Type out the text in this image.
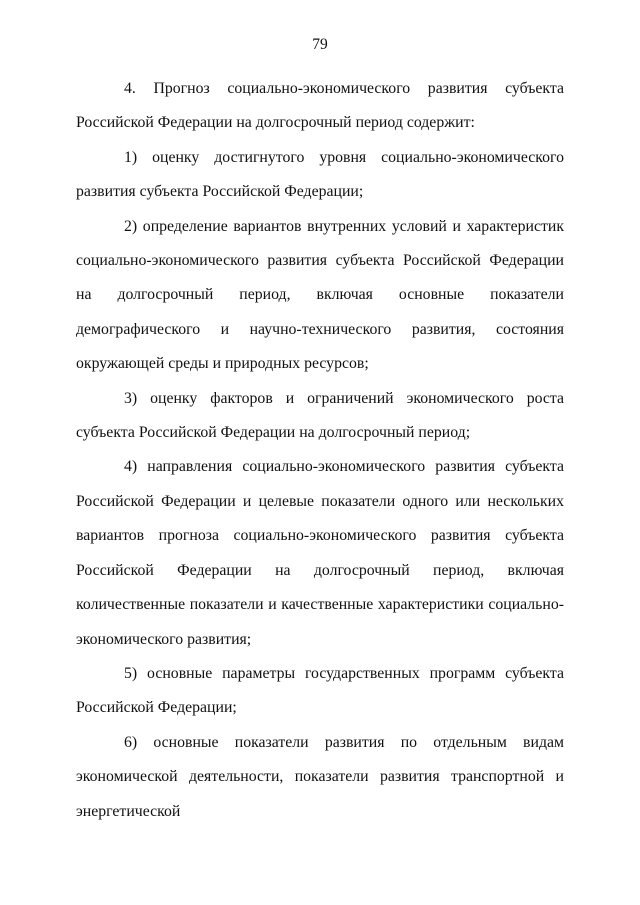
79

4. Прогноз социально-экономического развития субъекта Российской Федерации на долгосрочный период содержит:

1) оценку достигнутого уровня социально-экономического развития субъекта Российской Федерации;

2) определение вариантов внутренних условий и характеристик социально-экономического развития субъекта Российской Федерации на долгосрочный период, включая основные показатели демографического и научно-технического развития, состояния окружающей среды и природных ресурсов;

3) оценку факторов и ограничений экономического роста субъекта Российской Федерации на долгосрочный период;

4) направления социально-экономического развития субъекта Российской Федерации и целевые показатели одного или нескольких вариантов прогноза социально-экономического развития субъекта Российской Федерации на долгосрочный период, включая количественные показатели и качественные характеристики социально-экономического развития;

5) основные параметры государственных программ субъекта Российской Федерации;

6) основные показатели развития по отдельным видам экономической деятельности, показатели развития транспортной и энергетической
